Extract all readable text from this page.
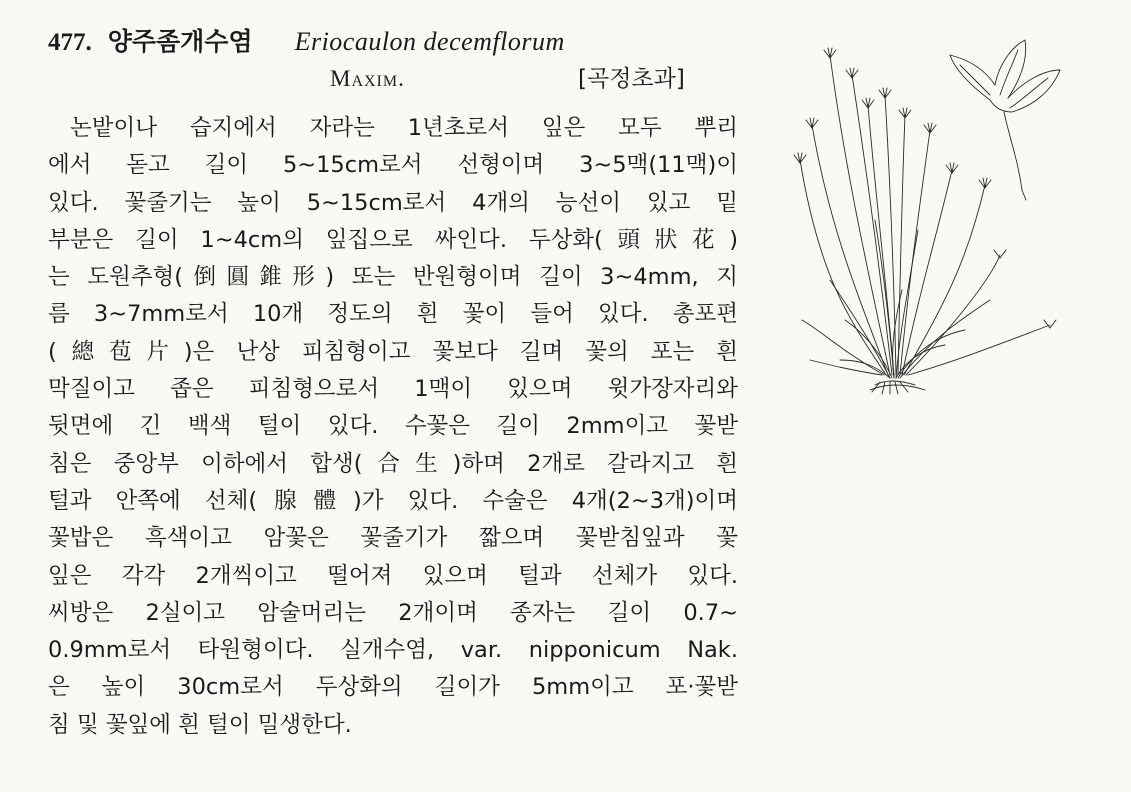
477. 양주좀개수염 Eriocaulon decemflorum
Maxim.	[곡정초과]
논밭이나 습지에서 자라는 1년초로서 잎은 모두 뿌리
에서 돋고 길이 5~15cm로서 선형이며 3~5맥(11맥)이
있다. 꽃줄기는 높이 5~15cm로서 4개의 능선이 있고 밑
부분은 길이 1~4cm의 잎집으로 싸인다. 두상화(頭狀花)
는 도원추형(倒圓錐形) 또는 반원형이며 길이 3~4mm, 지
름 3~7mm로서 10개 정도의 흰 꽃이 들어 있다. 총포편
(總苞片)은 난상 피침형이고 꽃보다 길며 꽃의 포는 흰
막질이고 좁은 피침형으로서 1맥이 있으며 윗가장자리와
뒷면에 긴 백색 털이 있다. 수꽃은 길이 2mm이고 꽃받
침은 중앙부 이하에서 합생(合生)하며 2개로 갈라지고 흰
털과 안쪽에 선체(腺體)가 있다. 수술은 4개(2~3개)이며
꽃밥은 흑색이고 암꽃은 꽃줄기가 짧으며 꽃받침잎과 꽃
잎은 각각 2개씩이고 떨어져 있으며 털과 선체가 있다.
씨방은 2실이고 암술머리는 2개이며 종자는 길이 0.7~
0.9mm로서 타원형이다. 실개수염, var. nipponicum Nak.
은 높이 30cm로서 두상화의 길이가 5mm이고 포·꽃받
침 및 꽃잎에 흰 털이 밀생한다.
